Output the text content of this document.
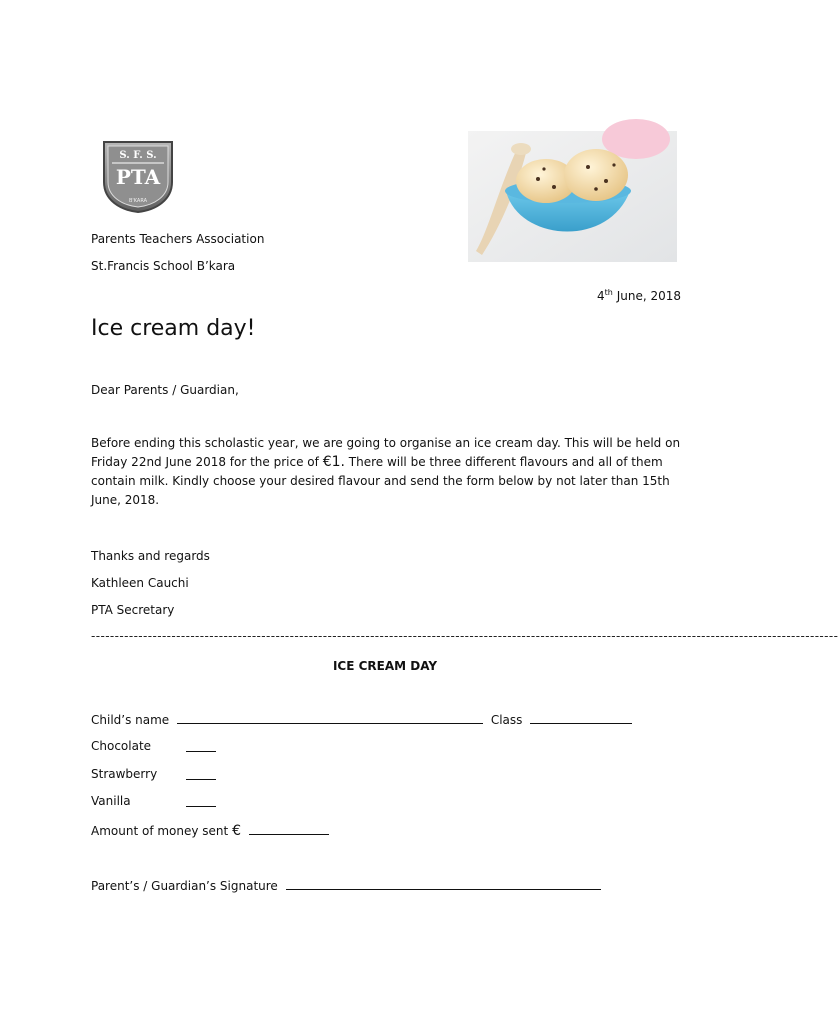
S. F. S.
PTA
B'KARA
Parents Teachers Association
St.Francis School B’kara
4th June, 2018
Ice cream day!
Dear Parents / Guardian,
Before ending this scholastic year, we are going to organise an ice cream day. This will be held on Friday 22nd June 2018 for the price of €1. There will be three different flavours and all of them contain milk. Kindly choose your desired flavour and send the form below by not later than 15th June, 2018.
Thanks and regards
Kathleen Cauchi
PTA Secretary
--------------------------------------------------------------------------------------------------------------------------------------------------------------
ICE CREAM DAY
Child’s name	Class
Chocolate
Strawberry
Vanilla
Amount of money sent €
Parent’s / Guardian’s Signature
